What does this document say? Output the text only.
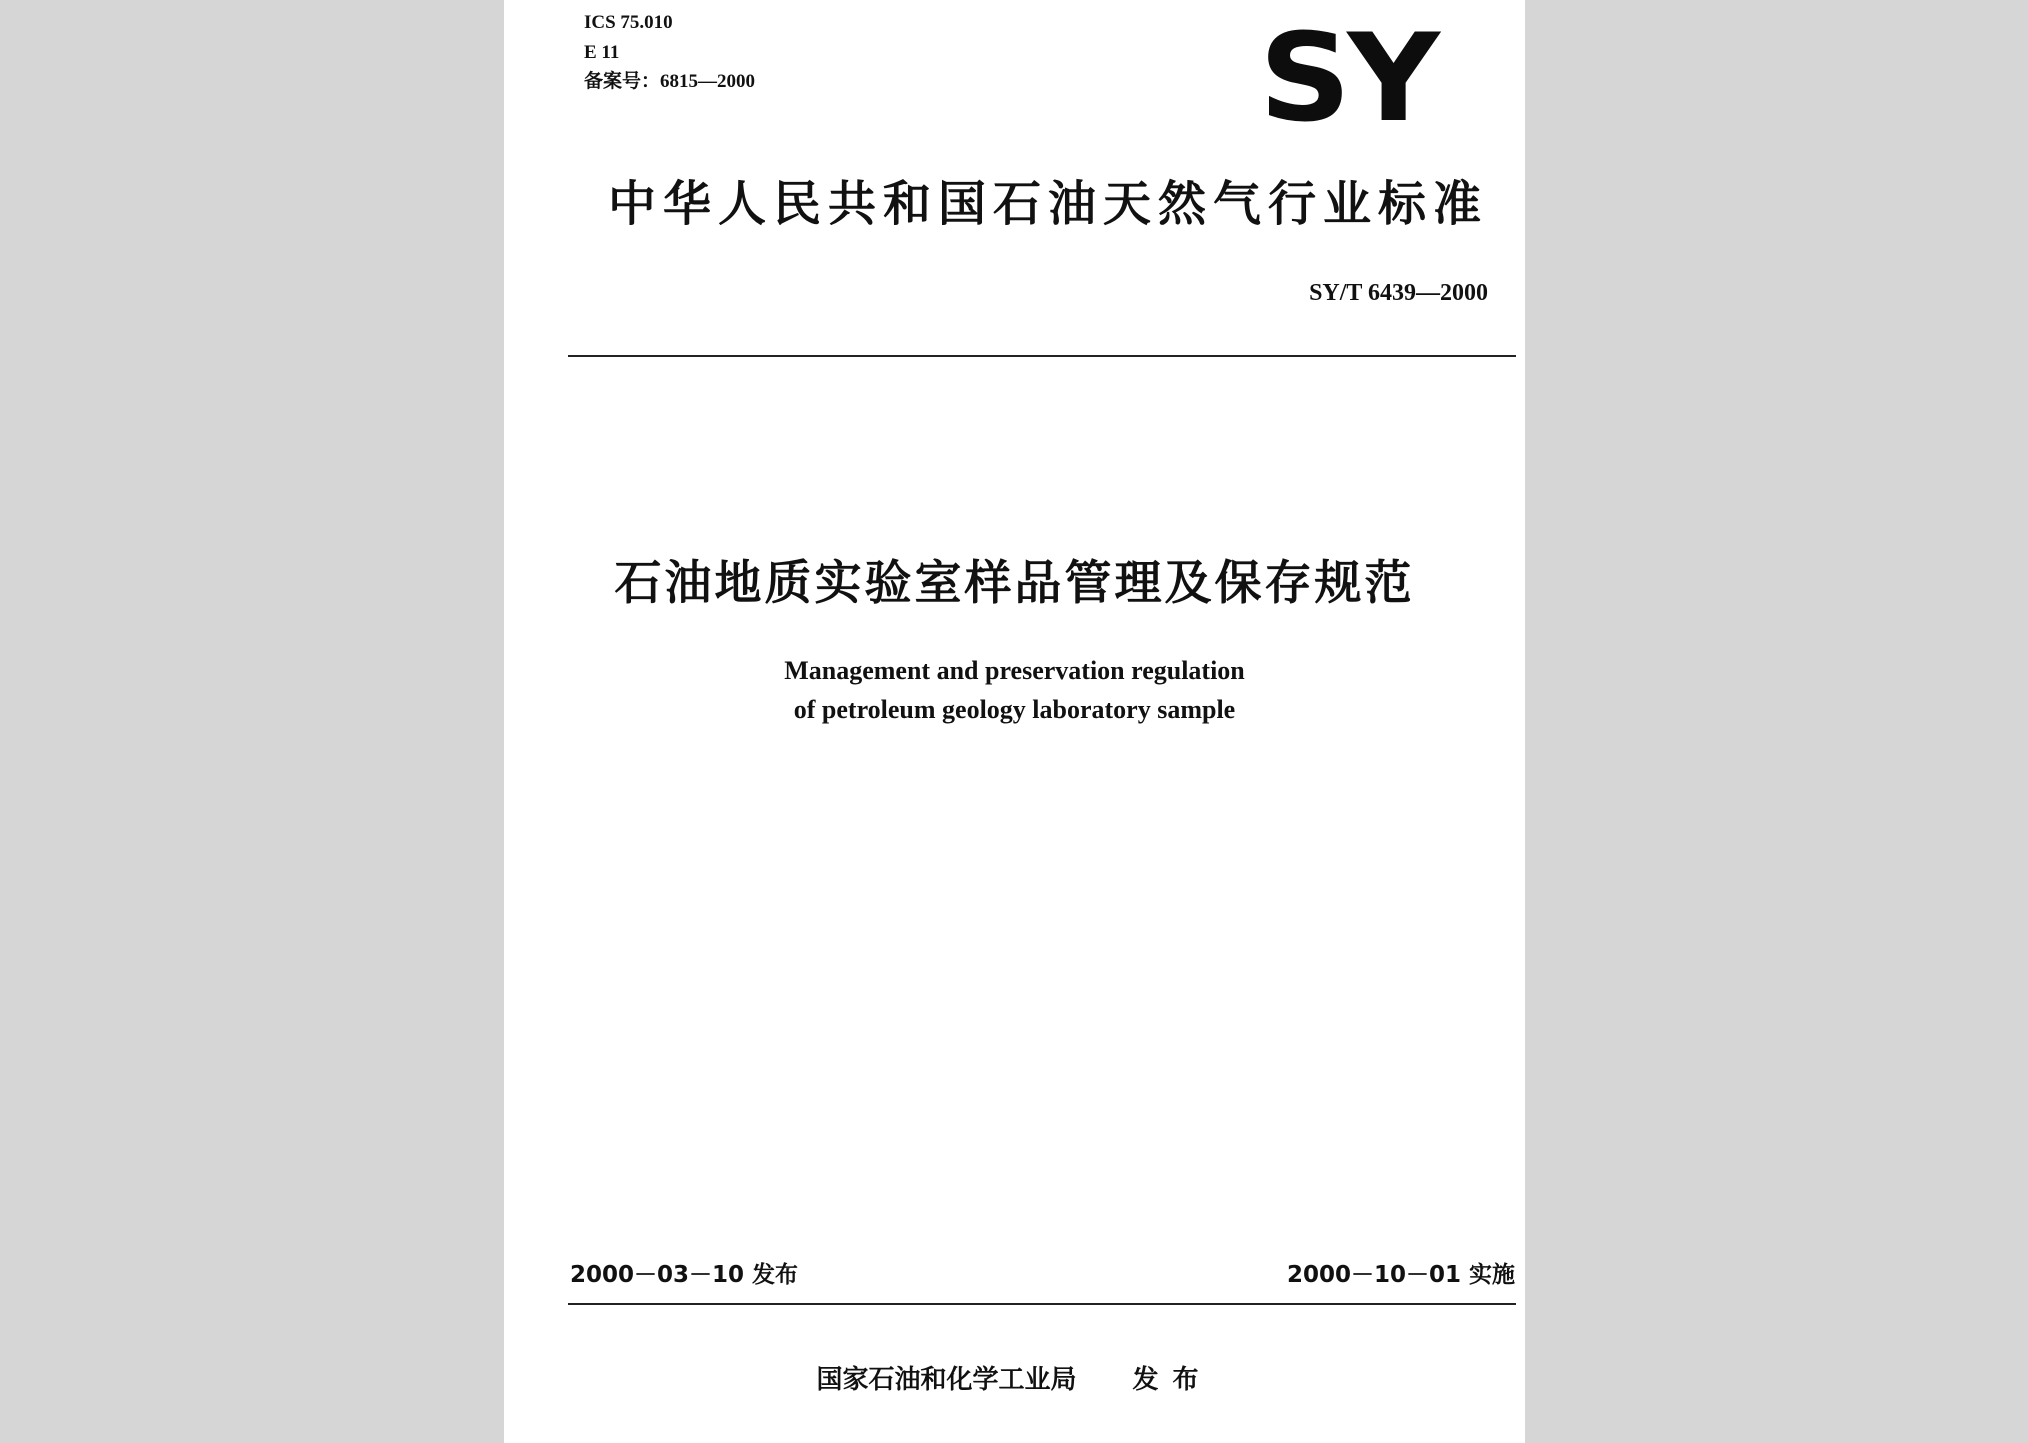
ICS 75.010
E 11
备案号：6815—2000	SY
中华人民共和国石油天然气行业标准
SY/T 6439—2000
石油地质实验室样品管理及保存规范
Management and preservation regulation
of petroleum geology laboratory sample
2000－03－10 发布	2000－10－01 实施
国家石油和化学工业局 发布
